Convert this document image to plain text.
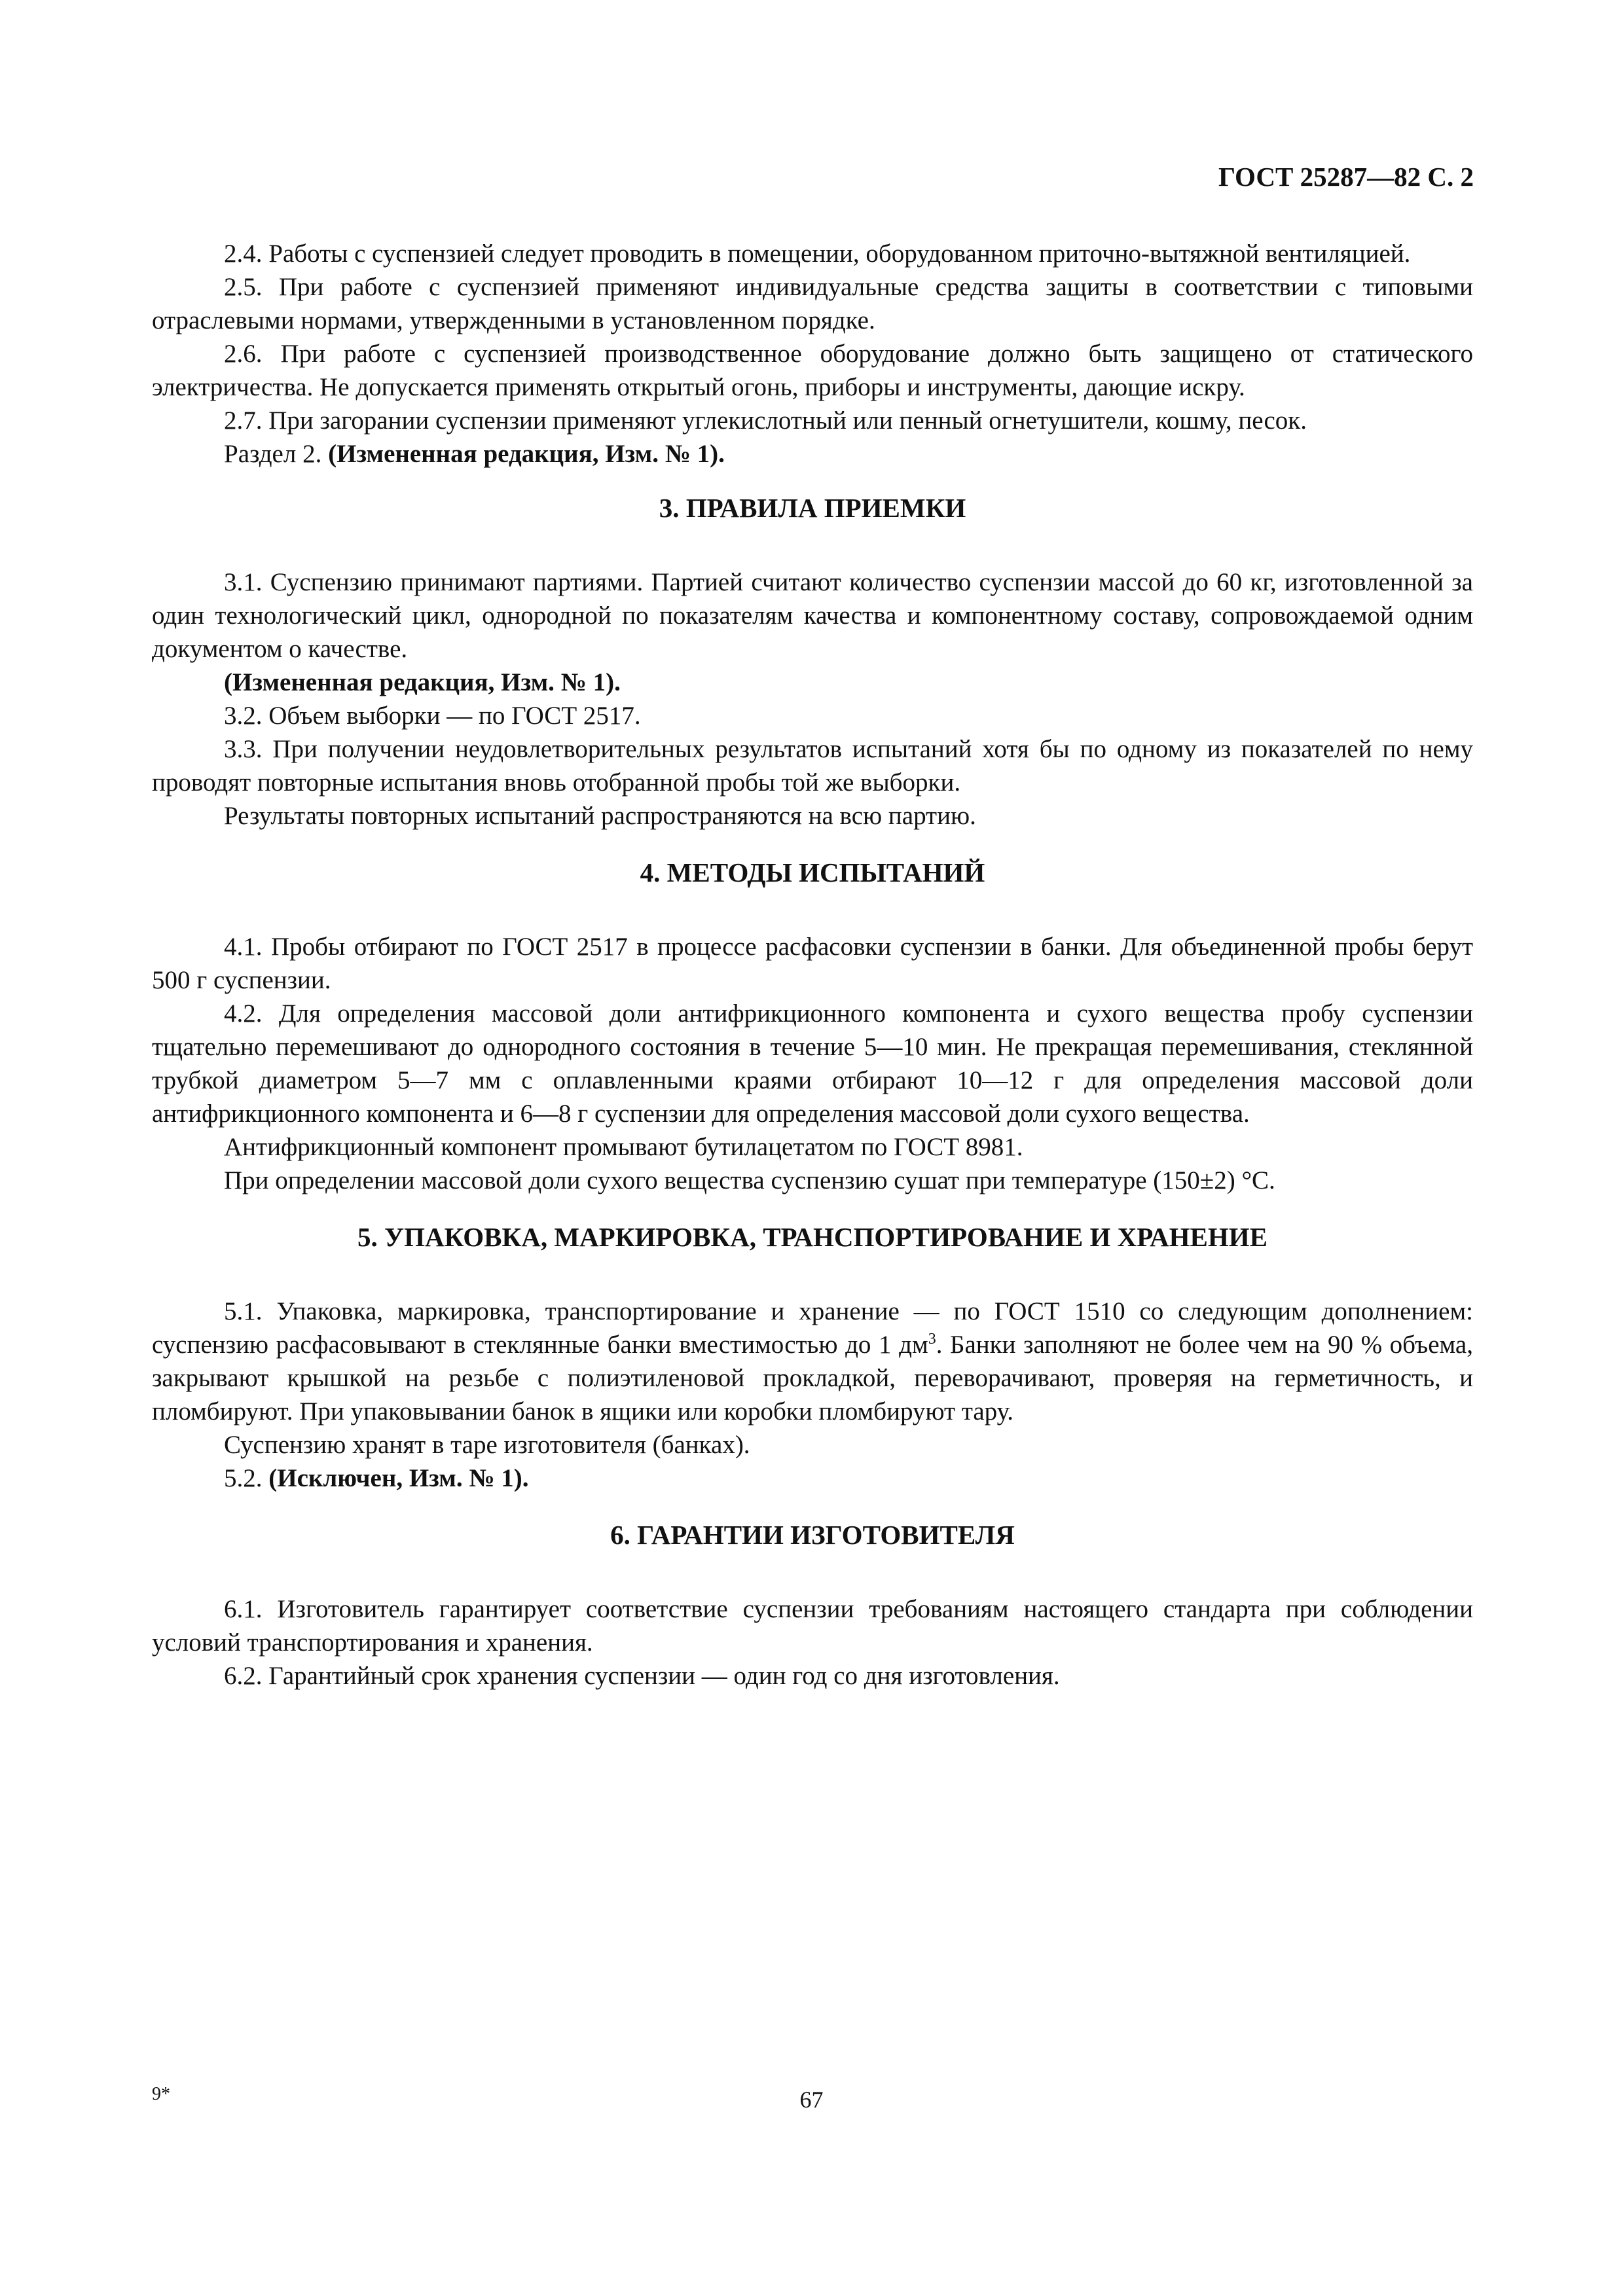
ГОСТ 25287—82 С. 2

2.4. Работы с суспензией следует проводить в помещении, оборудованном приточно-вытяжной вентиляцией.

2.5. При работе с суспензией применяют индивидуальные средства защиты в соответствии с типовыми отраслевыми нормами, утвержденными в установленном порядке.

2.6. При работе с суспензией производственное оборудование должно быть защищено от статического электричества. Не допускается применять открытый огонь, приборы и инструменты, дающие искру.

2.7. При загорании суспензии применяют углекислотный или пенный огнетушители, кошму, песок.

Раздел 2. (Измененная редакция, Изм. № 1).

3. ПРАВИЛА ПРИЕМКИ

3.1. Суспензию принимают партиями. Партией считают количество суспензии массой до 60 кг, изготовленной за один технологический цикл, однородной по показателям качества и компонентному составу, сопровождаемой одним документом о качестве.

(Измененная редакция, Изм. № 1).

3.2. Объем выборки — по ГОСТ 2517.

3.3. При получении неудовлетворительных результатов испытаний хотя бы по одному из показателей по нему проводят повторные испытания вновь отобранной пробы той же выборки.

Результаты повторных испытаний распространяются на всю партию.

4. МЕТОДЫ ИСПЫТАНИЙ

4.1. Пробы отбирают по ГОСТ 2517 в процессе расфасовки суспензии в банки. Для объединенной пробы берут 500 г суспензии.

4.2. Для определения массовой доли антифрикционного компонента и сухого вещества пробу суспензии тщательно перемешивают до однородного состояния в течение 5—10 мин. Не прекращая перемешивания, стеклянной трубкой диаметром 5—7 мм с оплавленными краями отбирают 10—12 г для определения массовой доли антифрикционного компонента и 6—8 г суспензии для определения массовой доли сухого вещества.

Антифрикционный компонент промывают бутилацетатом по ГОСТ 8981.

При определении массовой доли сухого вещества суспензию сушат при температуре (150±2) °С.

5. УПАКОВКА, МАРКИРОВКА, ТРАНСПОРТИРОВАНИЕ И ХРАНЕНИЕ

5.1. Упаковка, маркировка, транспортирование и хранение — по ГОСТ 1510 со следующим дополнением: суспензию расфасовывают в стеклянные банки вместимостью до 1 $дм^3$. Банки заполняют не более чем на 90 % объема, закрывают крышкой на резьбе с полиэтиленовой прокладкой, переворачивают, проверяя на герметичность, и пломбируют. При упаковывании банок в ящики или коробки пломбируют тару.

Суспензию хранят в таре изготовителя (банках).

5.2. (Исключен, Изм. № 1).

6. ГАРАНТИИ ИЗГОТОВИТЕЛЯ

6.1. Изготовитель гарантирует соответствие суспензии требованиям настоящего стандарта при соблюдении условий транспортирования и хранения.

6.2. Гарантийный срок хранения суспензии — один год со дня изготовления.

9*	67
